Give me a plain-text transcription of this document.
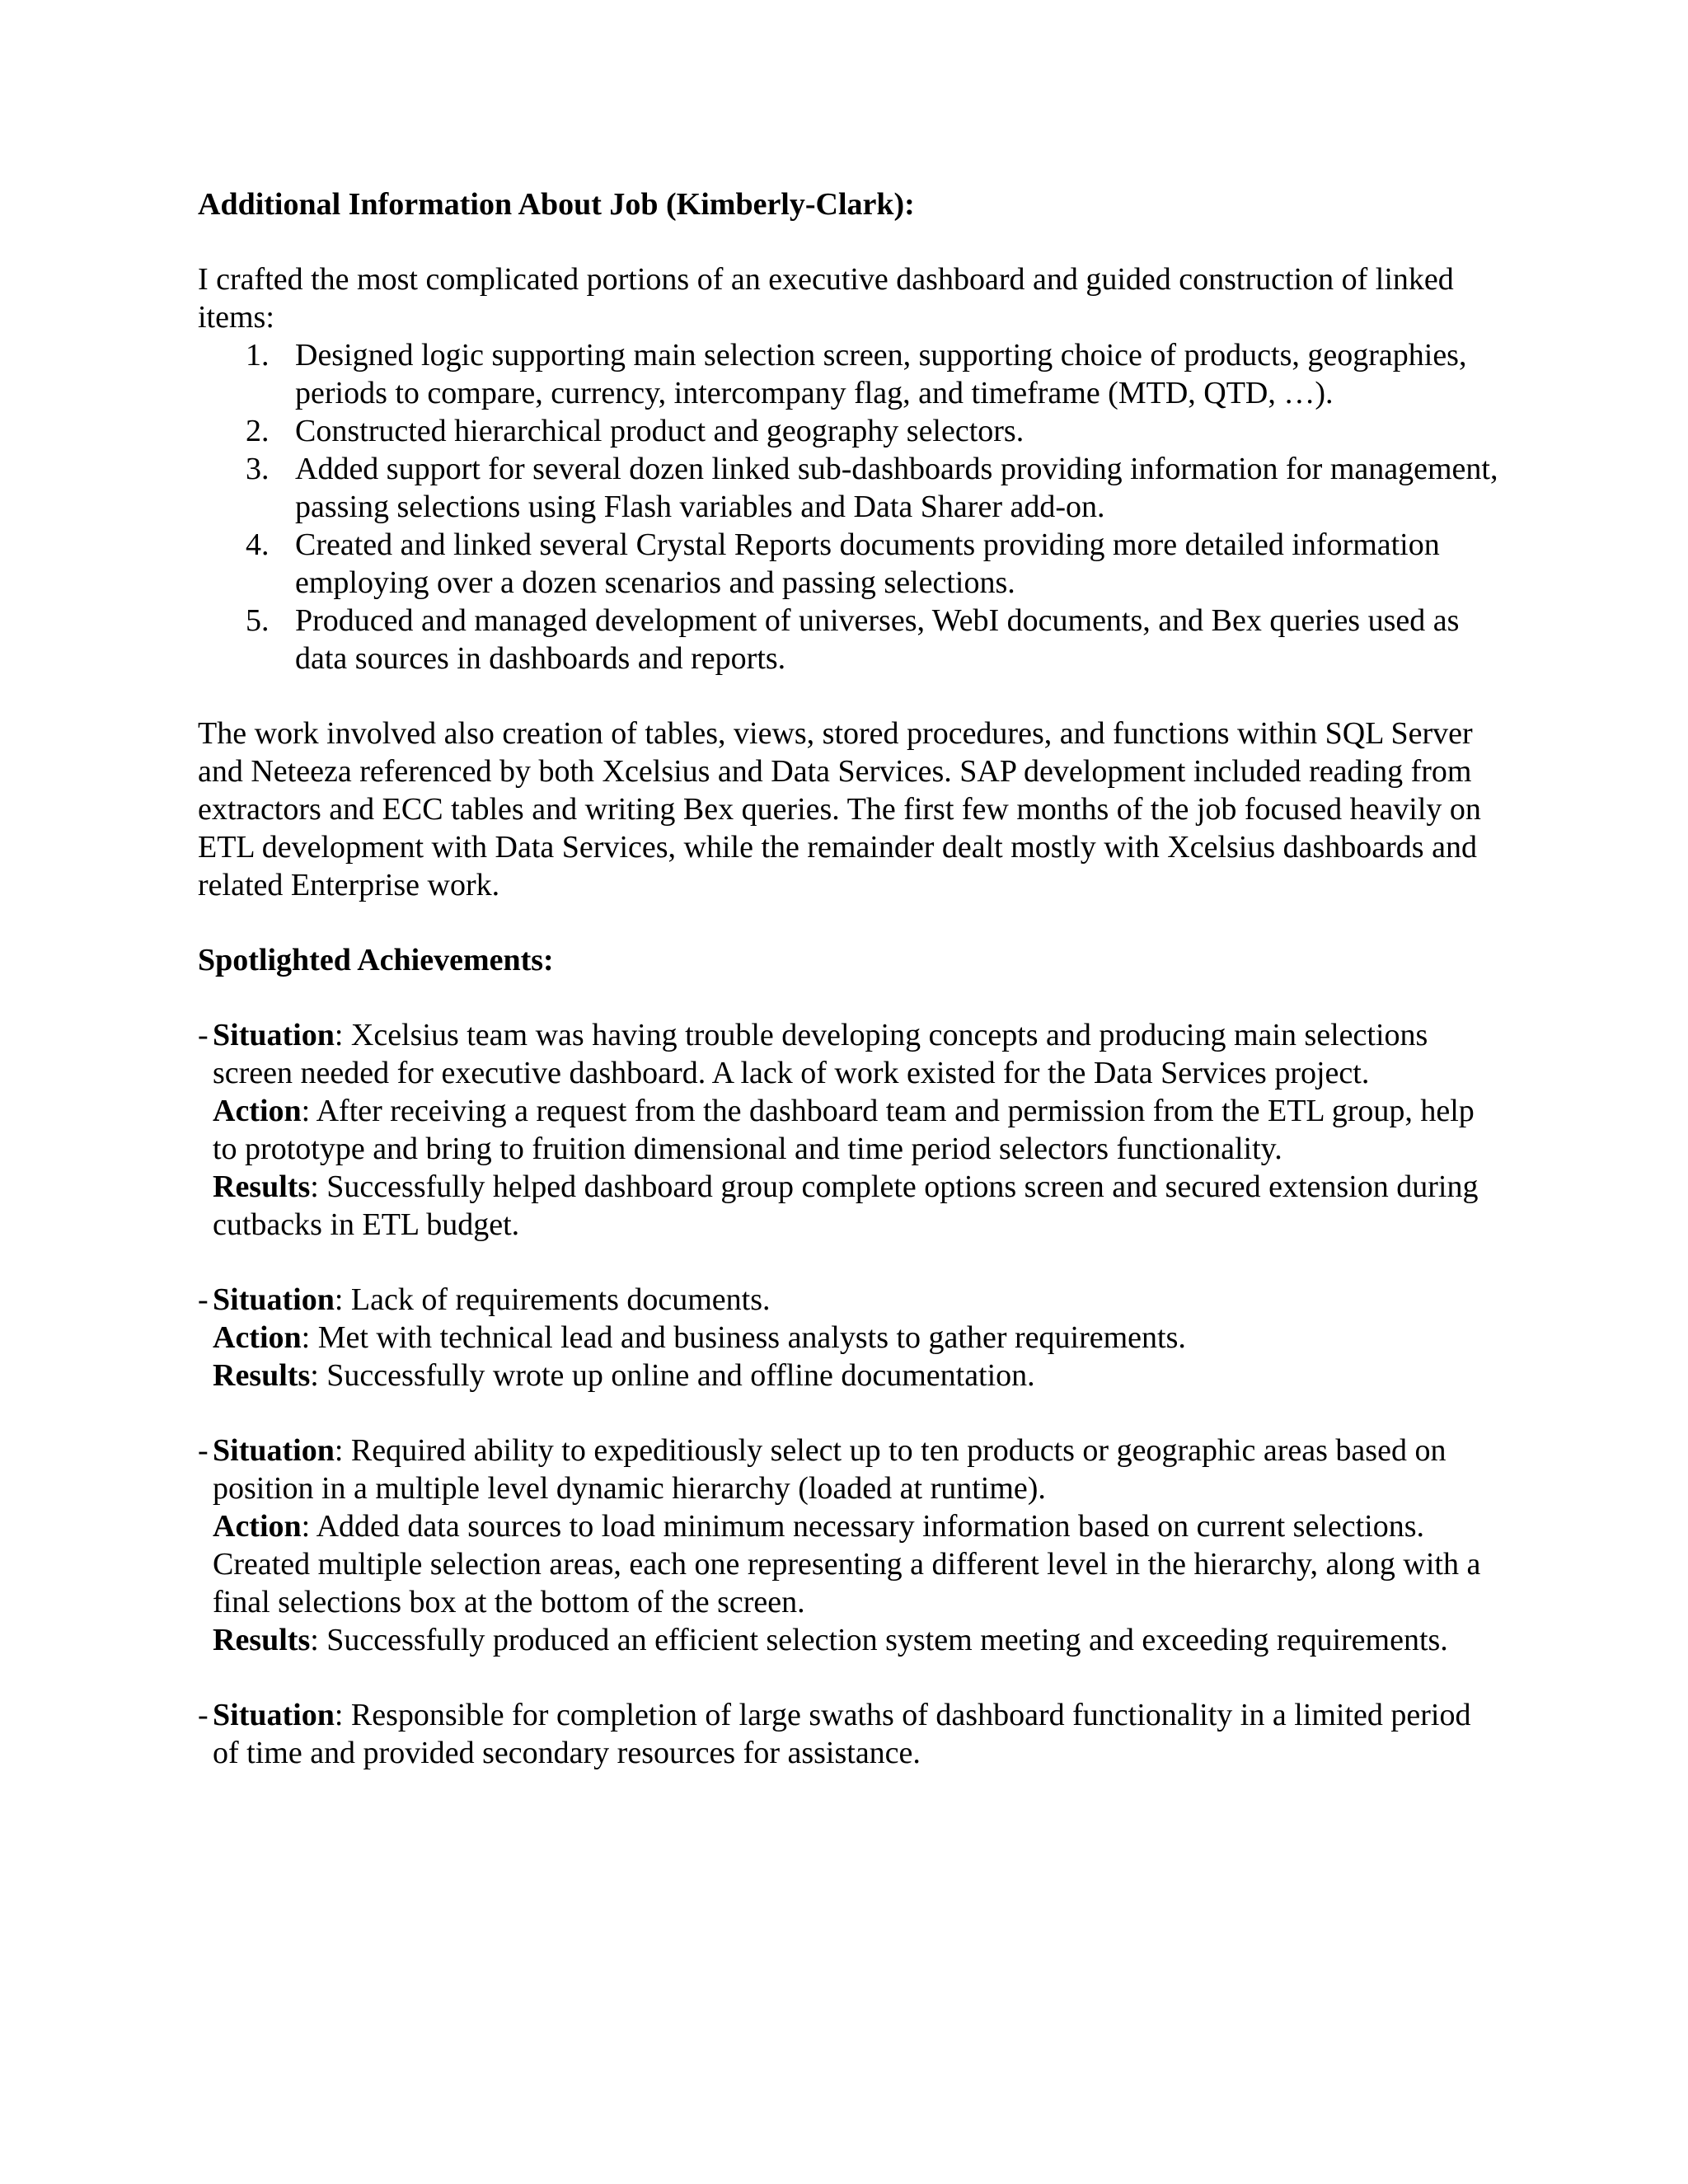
Additional Information About Job (Kimberly-Clark):

I crafted the most complicated portions of an executive dashboard and guided construction of linked items:

1. Designed logic supporting main selection screen, supporting choice of products, geographies, periods to compare, currency, intercompany flag, and timeframe (MTD, QTD, …).
2. Constructed hierarchical product and geography selectors.
3. Added support for several dozen linked sub-dashboards providing information for management, passing selections using Flash variables and Data Sharer add-on.
4. Created and linked several Crystal Reports documents providing more detailed information employing over a dozen scenarios and passing selections.
5. Produced and managed development of universes, WebI documents, and Bex queries used as data sources in dashboards and reports.

The work involved also creation of tables, views, stored procedures, and functions within SQL Server and Neteeza referenced by both Xcelsius and Data Services. SAP development included reading from extractors and ECC tables and writing Bex queries. The first few months of the job focused heavily on ETL development with Data Services, while the remainder dealt mostly with Xcelsius dashboards and related Enterprise work.

Spotlighted Achievements:

- Situation: Xcelsius team was having trouble developing concepts and producing main selections screen needed for executive dashboard. A lack of work existed for the Data Services project.
Action: After receiving a request from the dashboard team and permission from the ETL group, help to prototype and bring to fruition dimensional and time period selectors functionality.
Results: Successfully helped dashboard group complete options screen and secured extension during cutbacks in ETL budget.
- Situation: Lack of requirements documents.
Action: Met with technical lead and business analysts to gather requirements.
Results: Successfully wrote up online and offline documentation.
- Situation: Required ability to expeditiously select up to ten products or geographic areas based on position in a multiple level dynamic hierarchy (loaded at runtime).
Action: Added data sources to load minimum necessary information based on current selections. Created multiple selection areas, each one representing a different level in the hierarchy, along with a final selections box at the bottom of the screen.
Results: Successfully produced an efficient selection system meeting and exceeding requirements.
- Situation: Responsible for completion of large swaths of dashboard functionality in a limited period of time and provided secondary resources for assistance.
